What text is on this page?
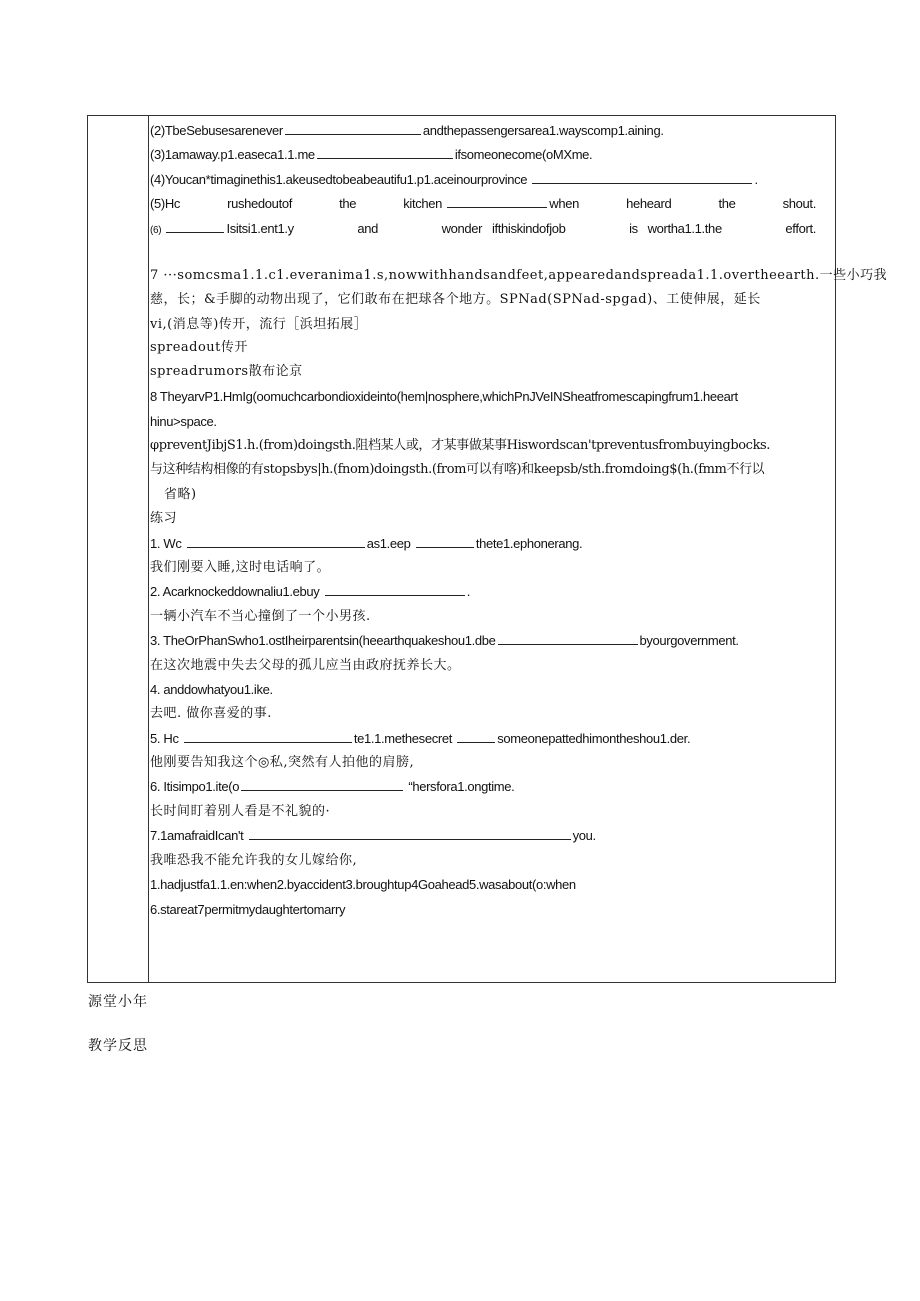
(2)TbeSebusesarenever	andthepassengersarea1.wayscomp1.aining.
(3)1amaway.p1.easeca1.1.me	ifsomeonecome(oMXme.
(4)Youcan*timaginethis1.akeusedtobeabeautifu1.p1.aceinourprovince	.
(5)Hc	rushedoutof	the	kitchen	when	heheard	the	shout.
(6)	Isitsi1.ent1.y	and	wonder ifthiskindofjob	is wortha1.1.the	effort.
7 ···somcsma1.1.c1.everanima1.s,nowwithhandsandfeet,appearedandspreada1.1.overtheearth.一些小巧我
慈，长；&手脚的动物出现了，它们敢布在把球各个地方。SPNad(SPNad-spgad)、工使伸展，延长
vi,(消息等)传开，流行［浜坦拓展］
spreadout传开
spreadrumors散布论京
8 TheyarvP1.HmIg(oomuchcarbondioxideinto(hem|nosphere,whichPnJVeINSheatfromescapingfrum1.heeart
hinu>space.
φpreventJibjS1.h.(from)doingsth.阻档某人或，才某事做某事Hiswordscan'tpreventusfrombuyingbocks.
与这种结构相像的有stopsbys|h.(fnom)doingsth.(from可以有喀)和keepsb/sth.fromdoing$(h.(fmm不行以
省略)
练习
1. Wc	as1.eep	thete1.ephonerang.
我们刚要入睡,这时电话响了。
2. Acarknockeddownaliu1.ebuy	.
一辆小汽车不当心撞倒了一个小男孩.
3. TheOrPhanSwho1.ostIheirparentsin(heearthquakeshou1.dbe	byourgovernment.
在这次地震中失去父母的孤儿应当由政府抚养长大。
4. anddowhatyou1.ike.
去吧. 做你喜爱的事.
5. Hc	te1.1.methesecret	someonepattedhimontheshou1.der.
他刚要告知我这个◎私,突然有人拍他的肩膀,
6. Itisimpo1.ite(o	“hersfora1.ongtime.
长时间盯着别人看是不礼貌的·
7.1amafraidIcan't	you.
我唯恐我不能允许我的女儿嫁给你,
1.hadjustfa1.1.en:when2.byaccident3.broughtup4Goahead5.wasabout(o:when
6.stareat7permitmydaughtertomarry
源堂小年
教学反思
